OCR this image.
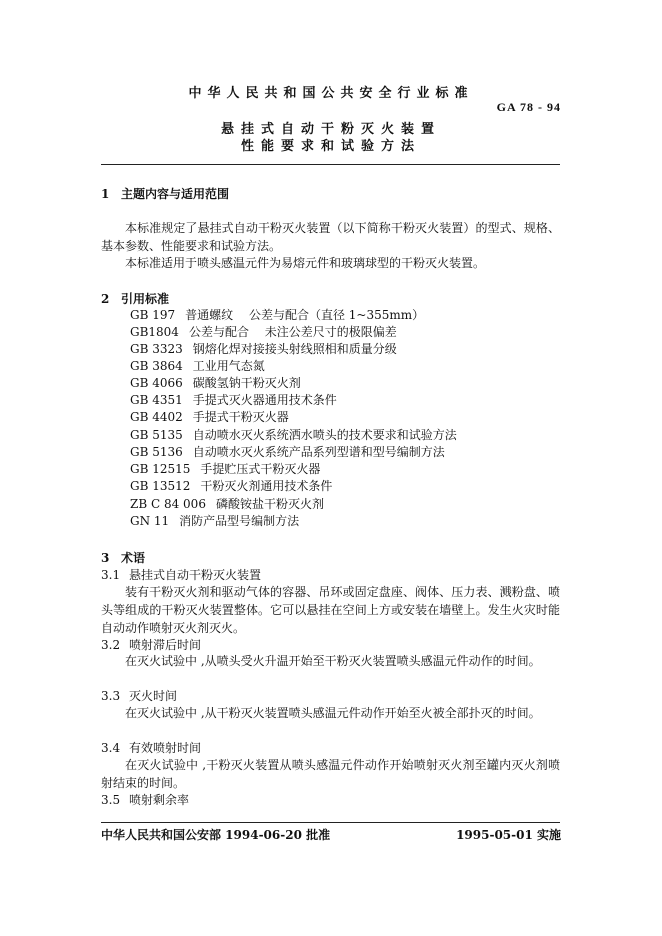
中华人民共和国公共安全行业标准
GA 78 - 94
悬挂式自动干粉灭火装置
性能要求和试验方法
1 主题内容与适用范围
本标准规定了悬挂式自动干粉灭火装置（以下简称干粉灭火装置）的型式、规格、基本参数、性能要求和试验方法。
本标准适用于喷头感温元件为易熔元件和玻璃球型的干粉灭火装置。
2 引用标准
GB 197 普通螺纹　 公差与配合（直径 1~355mm）
GB1804 公差与配合　 未注公差尺寸的极限偏差
GB 3323 钢熔化焊对接接头射线照相和质量分级
GB 3864 工业用气态氮
GB 4066 碳酸氢钠干粉灭火剂
GB 4351 手提式灭火器通用技术条件
GB 4402 手提式干粉灭火器
GB 5135 自动喷水灭火系统洒水喷头的技术要求和试验方法
GB 5136 自动喷水灭火系统产品系列型谱和型号编制方法
GB 12515 手提贮压式干粉灭火器
GB 13512 干粉灭火剂通用技术条件
ZB C 84 006 磷酸铵盐干粉灭火剂
GN 11 消防产品型号编制方法
3 术语
3.1 悬挂式自动干粉灭火装置
装有干粉灭火剂和驱动气体的容器、吊环或固定盘座、阀体、压力表、溅粉盘、喷头等组成的干粉灭火装置整体。它可以悬挂在空间上方或安装在墙壁上。发生火灾时能自动动作喷射灭火剂灭火。
3.2 喷射滞后时间
在灭火试验中 ,从喷头受火升温开始至干粉灭火装置喷头感温元件动作的时间。
3.3 灭火时间
在灭火试验中 ,从干粉灭火装置喷头感温元件动作开始至火被全部扑灭的时间。
3.4 有效喷射时间
在灭火试验中 ,干粉灭火装置从喷头感温元件动作开始喷射灭火剂至罐内灭火剂喷射结束的时间。
3.5 喷射剩余率
中华人民共和国公安部 1994-06-20 批准	1995-05-01 实施
